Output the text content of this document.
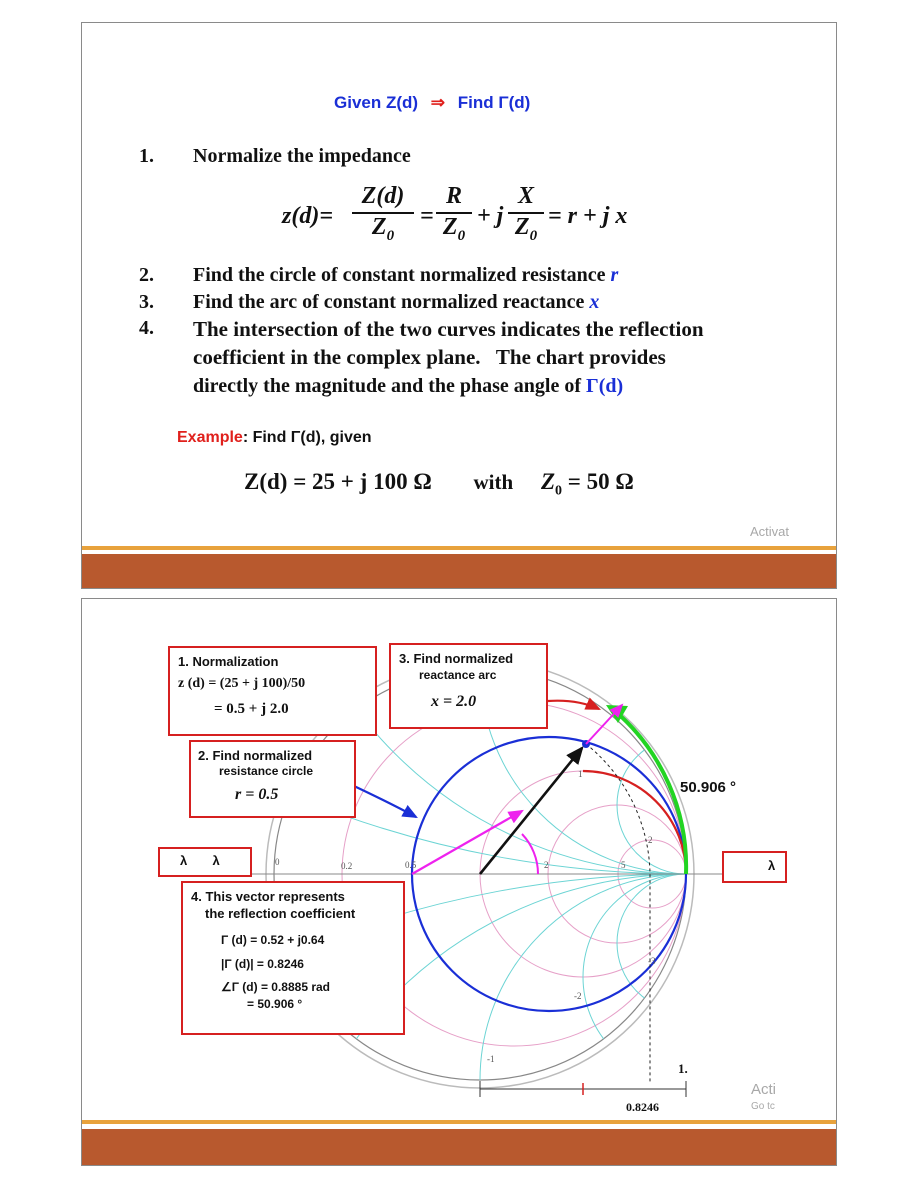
Given Z(d) ⇒ Find Γ(d)
1. Normalize the impedance
$z(d)= \frac{Z(d)}{Z_0} = \frac{R}{Z_0} + j \frac{X}{Z_0} = r + j$ x
2. Find the circle of constant normalized resistance r
3. Find the arc of constant normalized reactance x
4. The intersection of the two curves indicates the reflection
coefficient in the complex plane.   The chart provides
directly the magnitude and the phase angle of Γ(d)
Example: Find Γ(d), given
Z(d) = 25 + j 100 Ω with $Z_0 = 50$ Ω
Activat
0	0.2	0.5	2	5
1
2
-3
-2
-1
1.
0.8246
50.906 °
1. Normalization
z (d) = (25 + j 100)/50
= 0.5 + j 2.0
3. Find normalized
reactance arc
x = 2.0
2. Find normalized
resistance circle
r = 0.5
4. This vector represents
the reflection coefficient
Γ (d) = 0.52 + j0.64
|Γ (d)| = 0.8246
∠Γ (d) = 0.8885 rad
= 50.906 °
λ       λ	λ
Acti
Go tc
